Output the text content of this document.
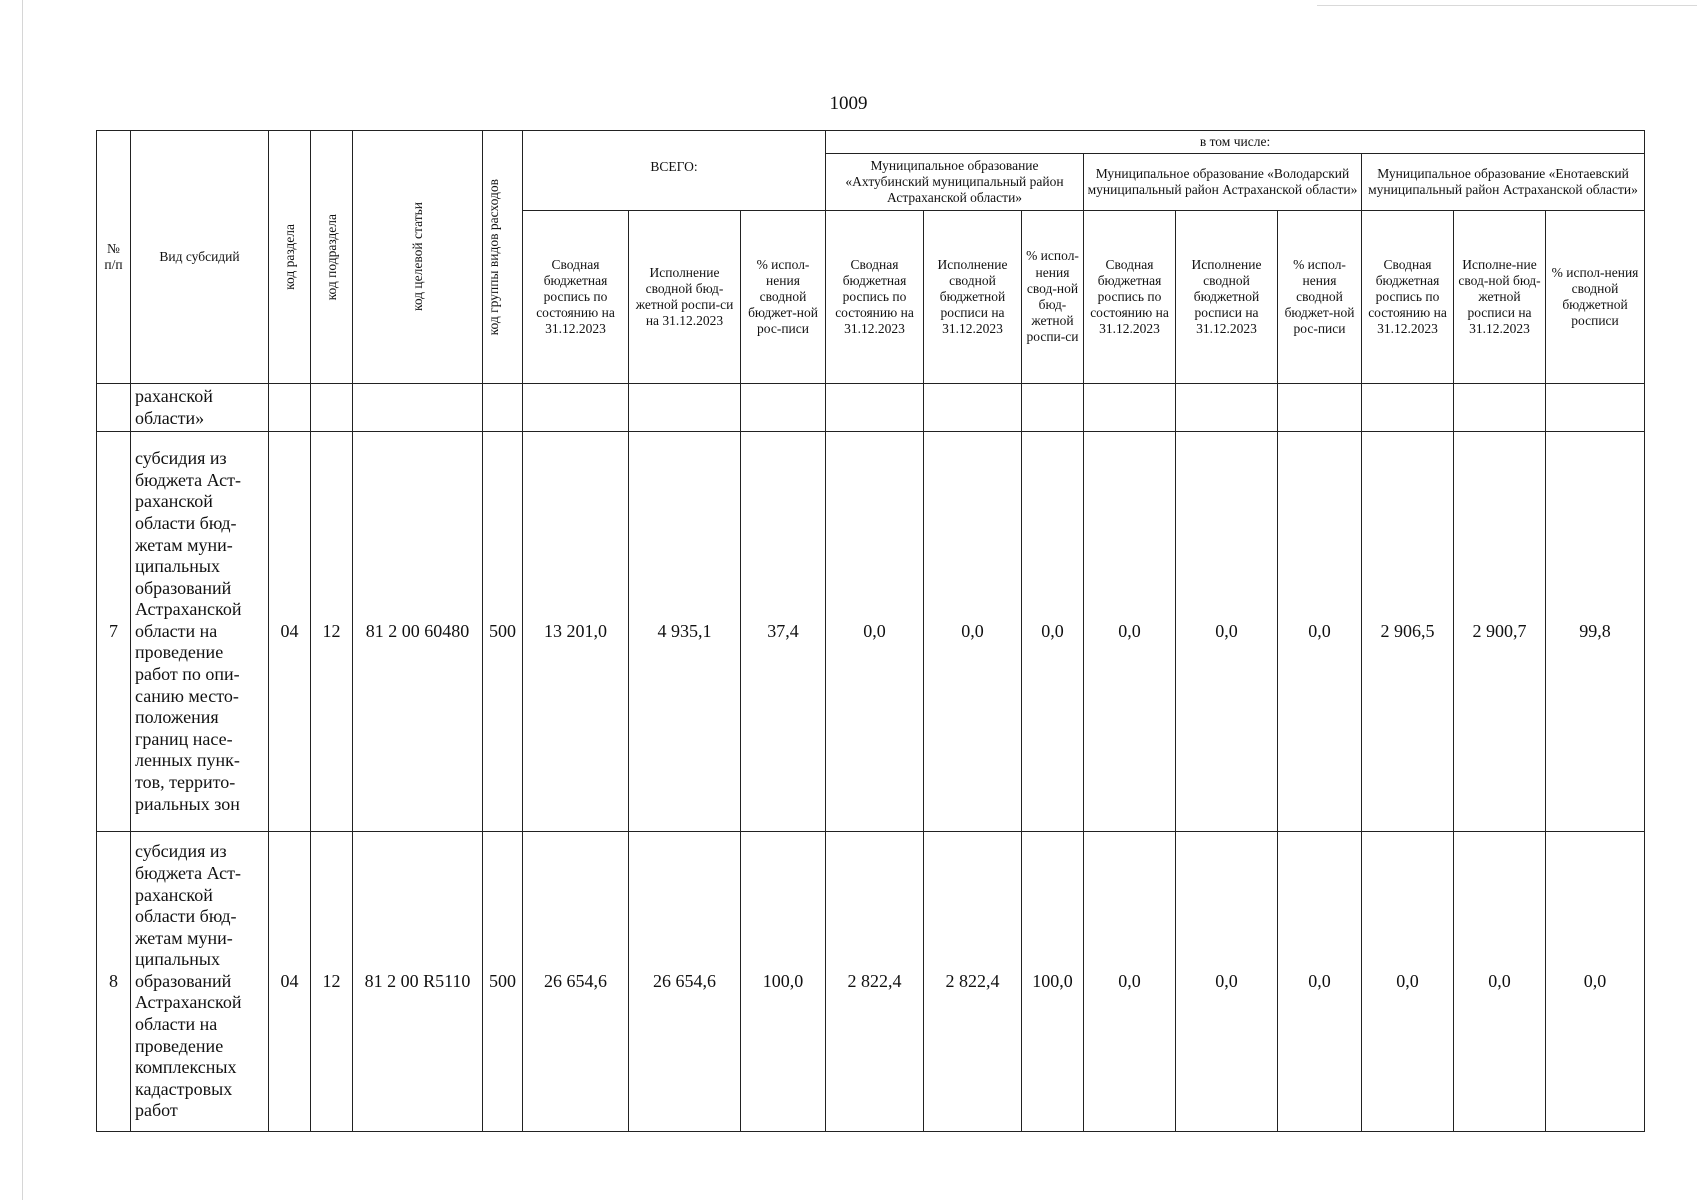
1009
№ п/п	Вид субсидий	код раздела	код подраздела	код целевой статьи	код группы видов расходов	ВСЕГО:			в том числе:								
									Муниципальное образование «Ахтубинский муниципальный район Астраханской области»			Муниципальное образование «Володарский муниципальный район Астраханской области»			Муниципальное образование «Енотаевский муниципальный район Астраханской области»		
						Сводная бюджетная роспись по состоянию на 31.12.2023	Исполнение сводной бюд-жетной роспи-си на 31.12.2023	% испол-нения сводной бюджет-ной рос-писи	Сводная бюджетная роспись по состоянию на 31.12.2023	Исполнение сводной бюджетной росписи на 31.12.2023	% испол-нения свод-ной бюд-жетной роспи-си	Сводная бюджетная роспись по состоянию на 31.12.2023	Исполнение сводной бюджетной росписи на 31.12.2023	% испол-нения сводной бюджет-ной рос-писи	Сводная бюджетная роспись по состоянию на 31.12.2023	Исполне-ние свод-ной бюд-жетной росписи на 31.12.2023	% испол-нения сводной бюджетной росписи
	раханской области»																
7	субсидия из бюджета Аст-раханской области бюд-жетам муни-ципальных образований Астраханской области на проведение работ по опи-санию место-положения границ насе-ленных пунк-тов, террито-риальных зон	04	12	81 2 00 60480	500	13 201,0	4 935,1	37,4	0,0	0,0	0,0	0,0	0,0	0,0	2 906,5	2 900,7	99,8
8	субсидия из бюджета Аст-раханской области бюд-жетам муни-ципальных образований Астраханской области на проведение комплексных кадастровых работ	04	12	81 2 00 R5110	500	26 654,6	26 654,6	100,0	2 822,4	2 822,4	100,0	0,0	0,0	0,0	0,0	0,0	0,0
